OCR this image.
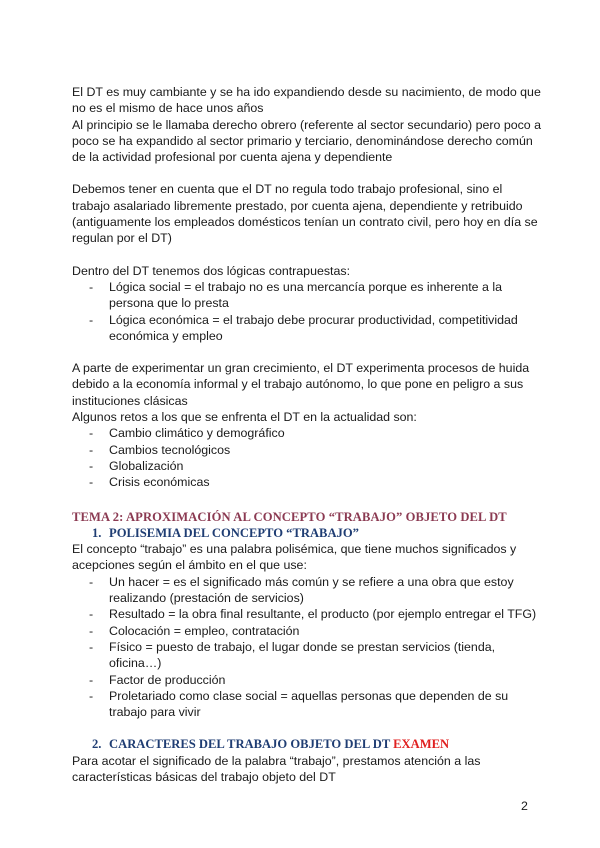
El DT es muy cambiante y se ha ido expandiendo desde su nacimiento, de modo que no es el mismo de hace unos años

Al principio se le llamaba derecho obrero (referente al sector secundario) pero poco a poco se ha expandido al sector primario y terciario, denominándose derecho común de la actividad profesional por cuenta ajena y dependiente

Debemos tener en cuenta que el DT no regula todo trabajo profesional, sino el trabajo asalariado libremente prestado, por cuenta ajena, dependiente y retribuido (antiguamente los empleados domésticos tenían un contrato civil, pero hoy en día se regulan por el DT)

Dentro del DT tenemos dos lógicas contrapuestas:

- Lógica social = el trabajo no es una mercancía porque es inherente a la persona que lo presta
- Lógica económica = el trabajo debe procurar productividad, competitividad económica y empleo

A parte de experimentar un gran crecimiento, el DT experimenta procesos de huida debido a la economía informal y el trabajo autónomo, lo que pone en peligro a sus instituciones clásicas

Algunos retos a los que se enfrenta el DT en la actualidad son:

- Cambio climático y demográfico
- Cambios tecnológicos
- Globalización
- Crisis económicas
TEMA 2: APROXIMACIÓN AL CONCEPTO “TRABAJO” OBJETO DEL DT
1. POLISEMIA DEL CONCEPTO “TRABAJO”

El concepto “trabajo” es una palabra polisémica, que tiene muchos significados y acepciones según el ámbito en el que use:

- Un hacer = es el significado más común y se refiere a una obra que estoy realizando (prestación de servicios)
- Resultado = la obra final resultante, el producto (por ejemplo entregar el TFG)
- Colocación = empleo, contratación
- Físico = puesto de trabajo, el lugar donde se prestan servicios (tienda, oficina…)
- Factor de producción
- Proletariado como clase social = aquellas personas que dependen de su trabajo para vivir
2. CARACTERES DEL TRABAJO OBJETO DEL DT EXAMEN

Para acotar el significado de la palabra “trabajo”, prestamos atención a las características básicas del trabajo objeto del DT

2
